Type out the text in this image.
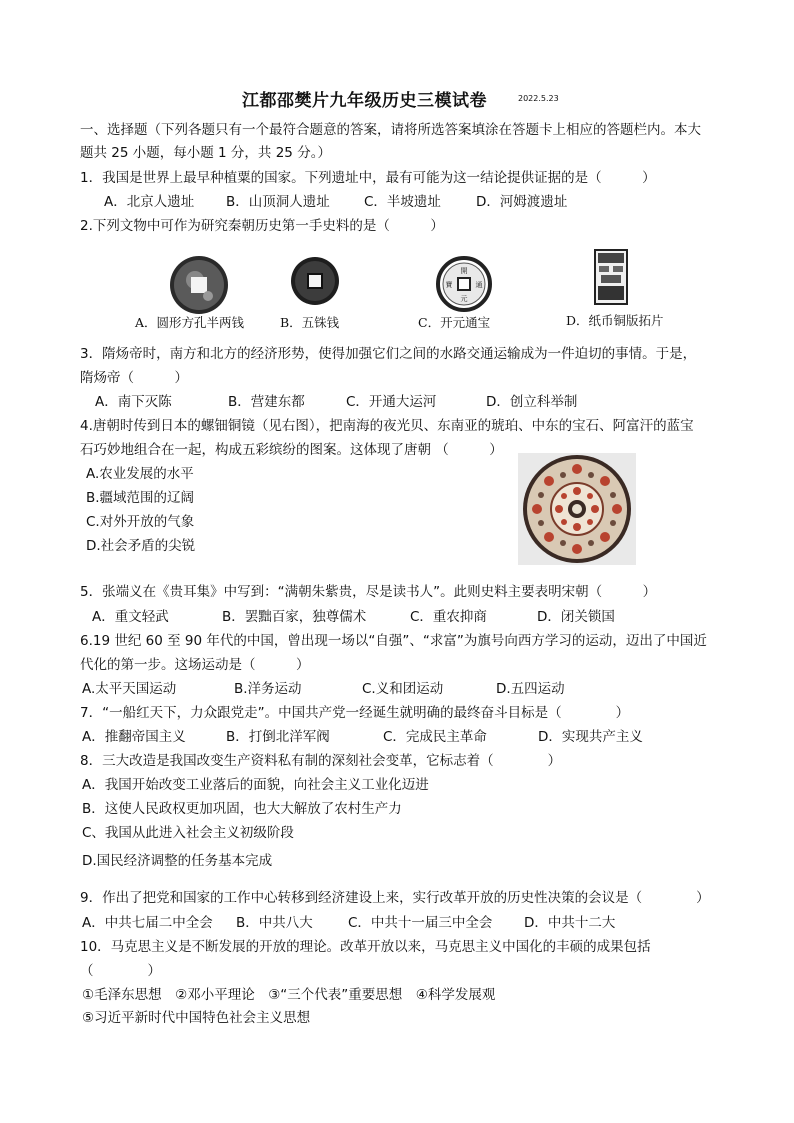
江都邵樊片九年级历史三模试卷	2022.5.23
一、选择题（下列各题只有一个最符合题意的答案，请将所选答案填涂在答题卡上相应的答题栏内。本大
题共 25 小题，每小题 1 分，共 25 分。）
1．我国是世界上最早种植粟的国家。下列遗址中，最有可能为这一结论提供证据的是（　　　）
A．北京人遗址 B．山顶洞人遗址	C．半坡遗址	D．河姆渡遗址
2.下列文物中可作为研究秦朝历史第一手史料的是（　　　）
開
元
寶	通
A．圆形方孔半两钱	B．五铢钱	C．开元通宝	D．纸币铜版拓片
3．隋炀帝时，南方和北方的经济形势，使得加强它们之间的水路交通运输成为一件迫切的事情。于是，
隋炀帝（　　　）
A．南下灭陈	B．营建东都	C．开通大运河	D．创立科举制
4.唐朝时传到日本的螺钿铜镜（见右图），把南海的夜光贝、东南亚的琥珀、中东的宝石、阿富汗的蓝宝
石巧妙地组合在一起，构成五彩缤纷的图案。这体现了唐朝 （　　　）
A.农业发展的水平
B.疆域范围的辽阔
C.对外开放的气象
D.社会矛盾的尖锐
5．张端义在《贵耳集》中写到：“满朝朱紫贵，尽是读书人”。此则史料主要表明宋朝（　　　）
A．重文轻武	B．罢黜百家，独尊儒术	C．重农抑商	D．闭关锁国
6.19 世纪 60 至 90 年代的中国，曾出现一场以“自强”、“求富”为旗号向西方学习的运动，迈出了中国近
代化的第一步。这场运动是（　　　）
A.太平天国运动	B.洋务运动	C.义和团运动	D.五四运动
7．“一船红天下，力众跟党走”。中国共产党一经诞生就明确的最终奋斗目标是（　　　　）
A．推翻帝国主义	B．打倒北洋军阀	C．完成民主革命	D．实现共产主义
8．三大改造是我国改变生产资料私有制的深刻社会变革，它标志着（　　　　）
A．我国开始改变工业落后的面貌，向社会主义工业化迈进
B．这使人民政权更加巩固，也大大解放了农村生产力
C、我国从此进入社会主义初级阶段
D.国民经济调整的任务基本完成
9．作出了把党和国家的工作中心转移到经济建设上来，实行改革开放的历史性决策的会议是（　　　　）
A．中共七届二中全会 B．中共八大	C．中共十一届三中全会 D．中共十二大
10．马克思主义是不断发展的开放的理论。改革开放以来，马克思主义中国化的丰硕的成果包括
（　　　　）
①毛泽东思想　②邓小平理论　③“三个代表”重要思想　④科学发展观
⑤习近平新时代中国特色社会主义思想
